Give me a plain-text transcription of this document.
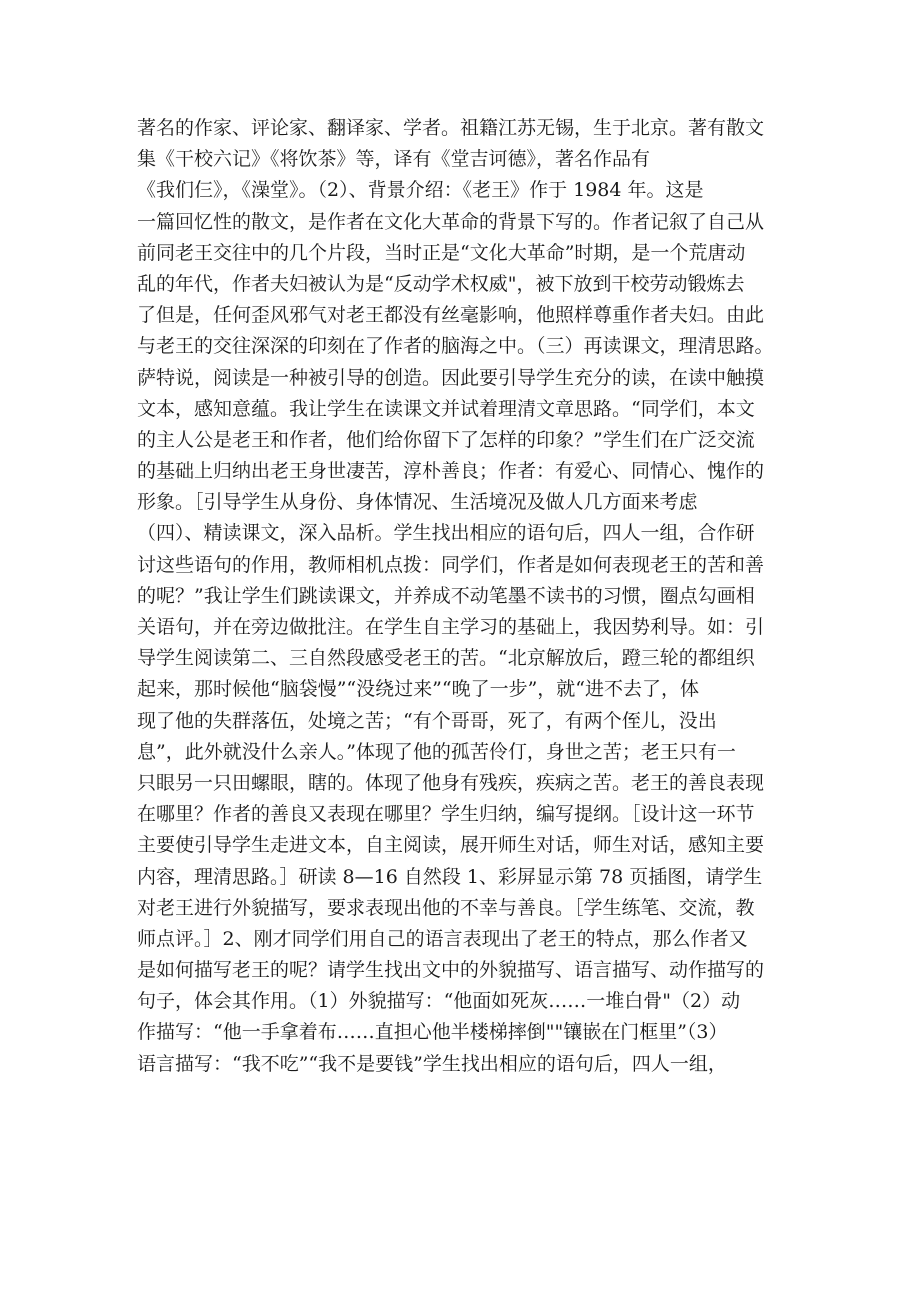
著名的作家、评论家、翻译家、学者。祖籍江苏无锡，生于北京。著有散文
集《干校六记》《将饮茶》等，译有《堂吉诃德》，著名作品有
《我们仨》，《澡堂》。（2）、背景介绍：《老王》作于 1984 年。这是
一篇回忆性的散文，是作者在文化大革命的背景下写的。作者记叙了自己从
前同老王交往中的几个片段，当时正是“文化大革命”时期，是一个荒唐动
乱的年代，作者夫妇被认为是“反动学术权威"，被下放到干校劳动锻炼去
了但是，任何歪风邪气对老王都没有丝毫影响，他照样尊重作者夫妇。由此
与老王的交往深深的印刻在了作者的脑海之中。（三）再读课文，理清思路。
萨特说，阅读是一种被引导的创造。因此要引导学生充分的读，在读中触摸
文本，感知意蕴。我让学生在读课文并试着理清文章思路。“同学们，本文
的主人公是老王和作者，他们给你留下了怎样的印象？”学生们在广泛交流
的基础上归纳出老王身世凄苦，淳朴善良；作者：有爱心、同情心、愧作的
形象。［引导学生从身份、身体情况、生活境况及做人几方面来考虑
（四）、精读课文，深入品析。学生找出相应的语句后，四人一组，合作研
讨这些语句的作用，教师相机点拨：同学们，作者是如何表现老王的苦和善
的呢？”我让学生们跳读课文，并养成不动笔墨不读书的习惯，圈点勾画相
关语句，并在旁边做批注。在学生自主学习的基础上，我因势利导。如：引
导学生阅读第二、三自然段感受老王的苦。“北京解放后，蹬三轮的都组织
起来，那时候他“脑袋慢”“没绕过来”“晚了一步”，就“进不去了，体
现了他的失群落伍，处境之苦；“有个哥哥，死了，有两个侄儿，没出
息”，此外就没什么亲人。”体现了他的孤苦伶仃，身世之苦；老王只有一
只眼另一只田螺眼，瞎的。体现了他身有残疾，疾病之苦。老王的善良表现
在哪里？作者的善良又表现在哪里？学生归纳，编写提纲。［设计这一环节
主要使引导学生走进文本，自主阅读，展开师生对话，师生对话，感知主要
内容，理清思路。］研读 8—16 自然段 1、彩屏显示第 78 页插图，请学生
对老王进行外貌描写，要求表现出他的不幸与善良。［学生练笔、交流，教
师点评。］2、刚才同学们用自己的语言表现出了老王的特点，那么作者又
是如何描写老王的呢？请学生找出文中的外貌描写、语言描写、动作描写的
句子，体会其作用。（1）外貌描写：“他面如死灰……一堆白骨"（2）动
作描写：“他一手拿着布……直担心他半楼梯摔倒""镶嵌在门框里”（3）
语言描写：“我不吃”“我不是要钱”学生找出相应的语句后，四人一组，
